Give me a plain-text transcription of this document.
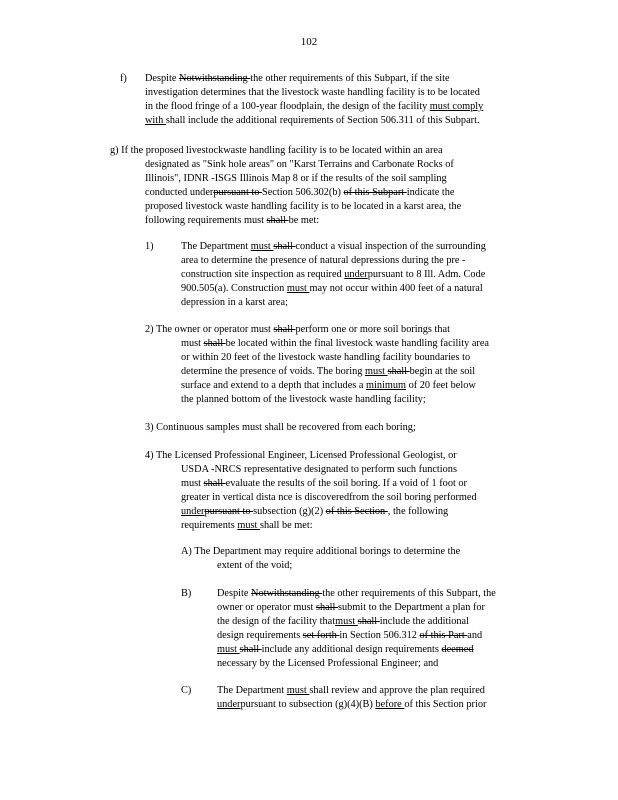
102
f) Despite Notwithstanding the other requirements of this Subpart, if the site
investigation determines that the livestock waste handling facility is to be located
in the flood fringe of a 100-year floodplain, the design of the facility must comply
with shall include the additional requirements of Section 506.311 of this Subpart.
g) If the proposed livestockwaste handling facility is to be located within an area
designated as "Sink hole areas" on "Karst Terrains and Carbonate Rocks of
Illinois", IDNR -ISGS Illinois Map 8 or if the results of the soil sampling
conducted underpursuant to Section 506.302(b) of this Subpart indicate the
proposed livestock waste handling facility is to be located in a karst area, the
following requirements must shall be met:
1)	The Department must shall conduct a visual inspection of the surrounding
area to determine the presence of natural depressions during the pre -
construction site inspection as required underpursuant to 8 Ill. Adm. Code
900.505(a). Construction must may not occur within 400 feet of a natural
depression in a karst area;
2) The owner or operator must shall perform one or more soil borings that
must shall be located within the final livestock waste handling facility area
or within 20 feet of the livestock waste handling facility boundaries to
determine the presence of voids. The boring must shall begin at the soil
surface and extend to a depth that includes a minimum of 20 feet below
the planned bottom of the livestock waste handling facility;
3) Continuous samples must shall be recovered from each boring;
4) The Licensed Professional Engineer, Licensed Professional Geologist, or
USDA -NRCS representative designated to perform such functions
must shall evaluate the results of the soil boring. If a void of 1 foot or
greater in vertical dista nce is discoveredfrom the soil boring performed
underpursuant to subsection (g)(2) of this Section , the following
requirements must shall be met:
A) The Department may require additional borings to determine the
extent of the void;
B) Despite Notwithstanding the other requirements of this Subpart, the
owner or operator must shall submit to the Department a plan for
the design of the facility thatmust shall include the additional
design requirements set forth in Section 506.312 of this Part and
must shall include any additional design requirements deemed
necessary by the Licensed Professional Engineer; and
C) The Department must shall review and approve the plan required
underpursuant to subsection (g)(4)(B) before of this Section prior
